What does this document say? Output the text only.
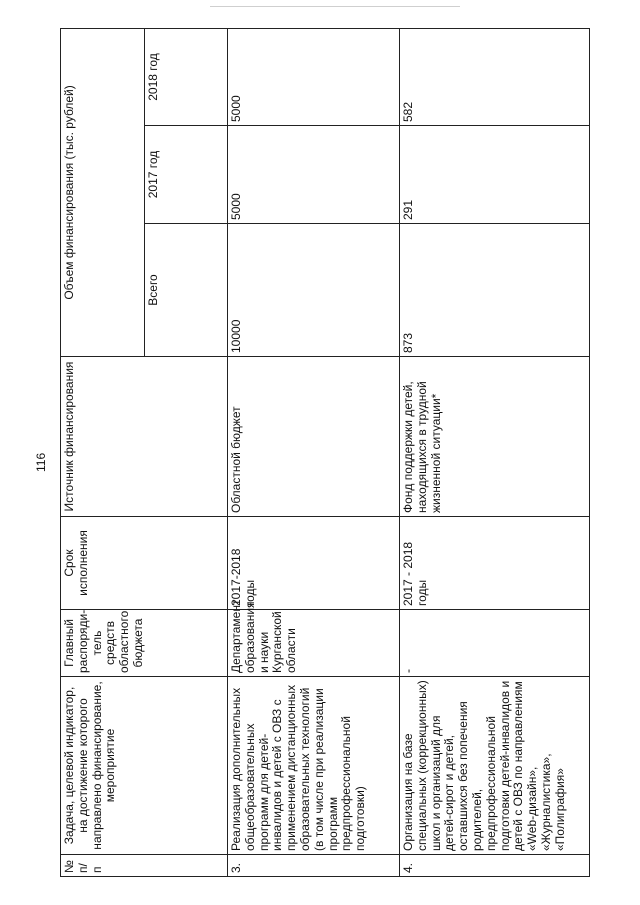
116
№ п/п	Задача, целевой индикатор, на достижение которого направлено финансирование, мероприятие	Главный распоряди- тель средств областного бюджета	Срок исполнения	Источник финансирования	Объем финансирования (тыс. рублей)		
					Всего	2017 год	2018 год
3.	Реализация дополнительных общеобразовательных программ для детей-инвалидов и детей с ОВЗ с применением дистанционных образовательных технологий (в том числе при реализации программ предпрофессиональной подготовки)	Департамент образования и науки Курганской области	2017-2018 годы	Областной бюджет	10000	5000	5000
4.	Организация на базе специальных (коррекционных) школ и организаций для детей-сирот и детей, оставшихся без попечения родителей, предпрофессиональной подготовки детей-инвалидов и детей с ОВЗ по направлениям «Web-дизайн», «Журналистика», «Полиграфия»	-	2017 - 2018 годы	Фонд поддержки детей, находящихся в трудной жизненной ситуации*	873	291	582
